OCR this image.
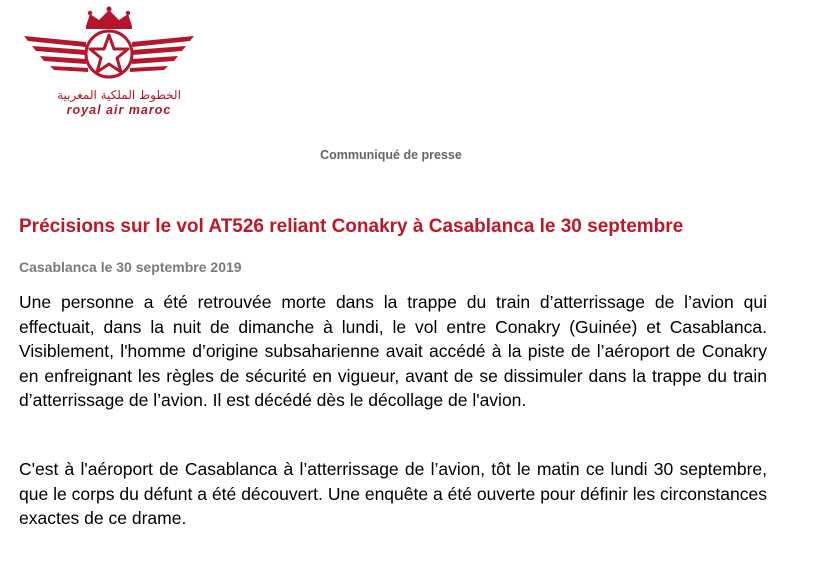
الخطوط الملكية المغربية
royal air maroc
Communiqué de presse
Précisions sur le vol AT526 reliant Conakry à Casablanca le 30 septembre
Casablanca le 30 septembre 2019

Une personne a été retrouvée morte dans la trappe du train d’atterrissage de l’avion qui effectuait, dans la nuit de dimanche à lundi, le vol entre Conakry (Guinée) et Casablanca. Visiblement, l'homme d’origine subsaharienne avait accédé à la piste de l’aéroport de Conakry en enfreignant les règles de sécurité en vigueur, avant de se dissimuler dans la trappe du train d’atterrissage de l’avion. Il est décédé dès le décollage de l'avion.

C'est à l'aéroport de Casablanca à l’atterrissage de l’avion, tôt le matin ce lundi 30 septembre, que le corps du défunt a été découvert. Une enquête a été ouverte pour définir les circonstances exactes de ce drame.
